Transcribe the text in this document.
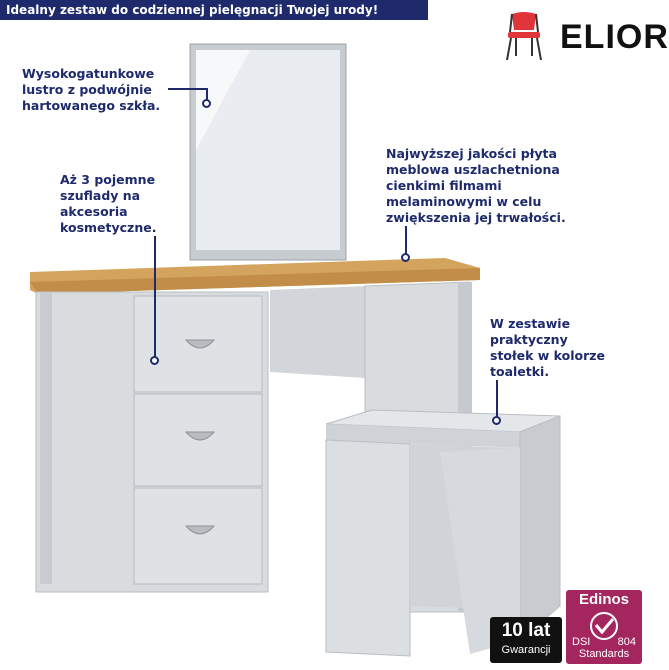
Idealny zestaw do codziennej pielęgnacji Twojej urody!
ELIOR
Wysokogatunkowe
lustro z podwójnie
hartowanego szkła.
Aż 3 pojemne
szuflady na
akcesoria
kosmetyczne.
Najwyższej jakości płyta
meblowa uszlachetniona
cienkimi filmami
melaminowymi w celu
zwiększenia jej trwałości.
W zestawie
praktyczny
stołek w kolorze
toaletki.
10 lat
Gwarancji
Edinos
DSI 804
Standards
